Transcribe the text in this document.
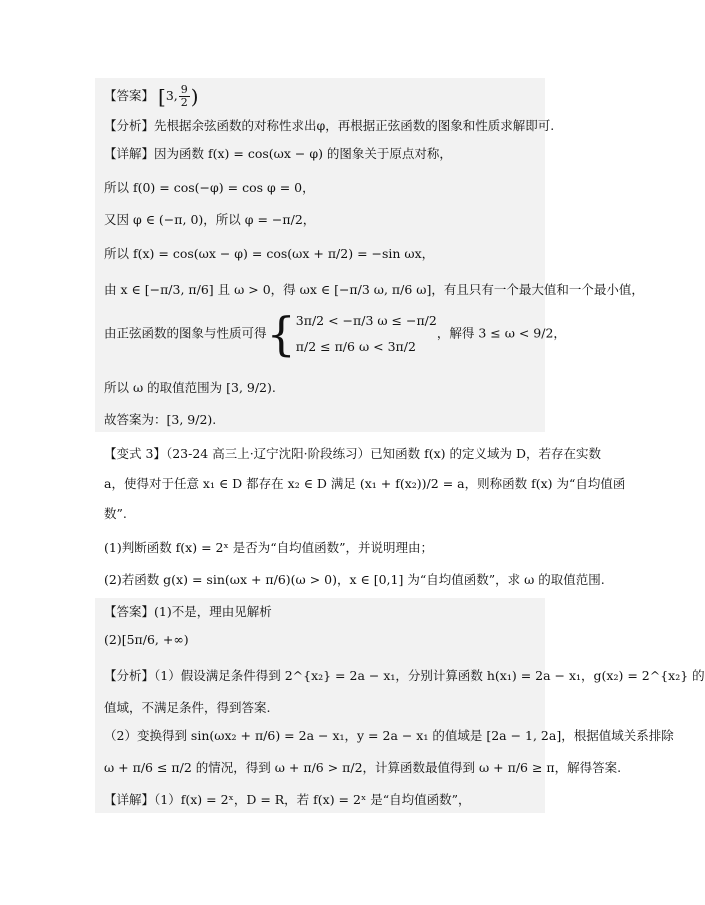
【答案】 [3, $\frac{9}{2}$ )
【分析】先根据余弦函数的对称性求出φ，再根据正弦函数的图象和性质求解即可.
【详解】因为函数 f(x) = cos(ωx − φ) 的图象关于原点对称，
所以 f(0) = cos(−φ) = cos φ = 0，
又因 φ ∈ (−π, 0)，所以 φ = −π/2，
所以 f(x) = cos(ωx − φ) = cos(ωx + π/2) = −sin ωx，
由 x ∈ [−π/3, π/6] 且 ω > 0，得 ωx ∈ [−π/3 ω, π/6 ω]，有且只有一个最大值和一个最小值，
由正弦函数的图象与性质可得{ 3π/2 < −π/3 ω ≤ −π/2
π/2 ≤ π/6 ω < 3π/2
，解得 3 ≤ ω < 9/2，
所以 ω 的取值范围为 [3, 9/2).
故答案为：[3, 9/2).
【变式 3】（23-24 高三上·辽宁沈阳·阶段练习）已知函数 f(x) 的定义域为 D，若存在实数
a，使得对于任意 x₁ ∈ D 都存在 x₂ ∈ D 满足 (x₁ + f(x₂))/2 = a，则称函数 f(x) 为“自均值函
数”.
(1)判断函数 f(x) = 2ˣ 是否为“自均值函数”，并说明理由；
(2)若函数 g(x) = sin(ωx + π/6)(ω > 0)，x ∈ [0,1] 为“自均值函数”，求 ω 的取值范围.
【答案】(1)不是，理由见解析
(2)[5π/6, +∞)
【分析】（1）假设满足条件得到 2^{x₂} = 2a − x₁，分别计算函数 h(x₁) = 2a − x₁，g(x₂) = 2^{x₂} 的
值域，不满足条件，得到答案.
（2）变换得到 sin(ωx₂ + π/6) = 2a − x₁，y = 2a − x₁ 的值域是 [2a − 1, 2a]，根据值域关系排除
ω + π/6 ≤ π/2 的情况，得到 ω + π/6 > π/2，计算函数最值得到 ω + π/6 ≥ π，解得答案.
【详解】（1）f(x) = 2ˣ，D = R，若 f(x) = 2ˣ 是“自均值函数”，
